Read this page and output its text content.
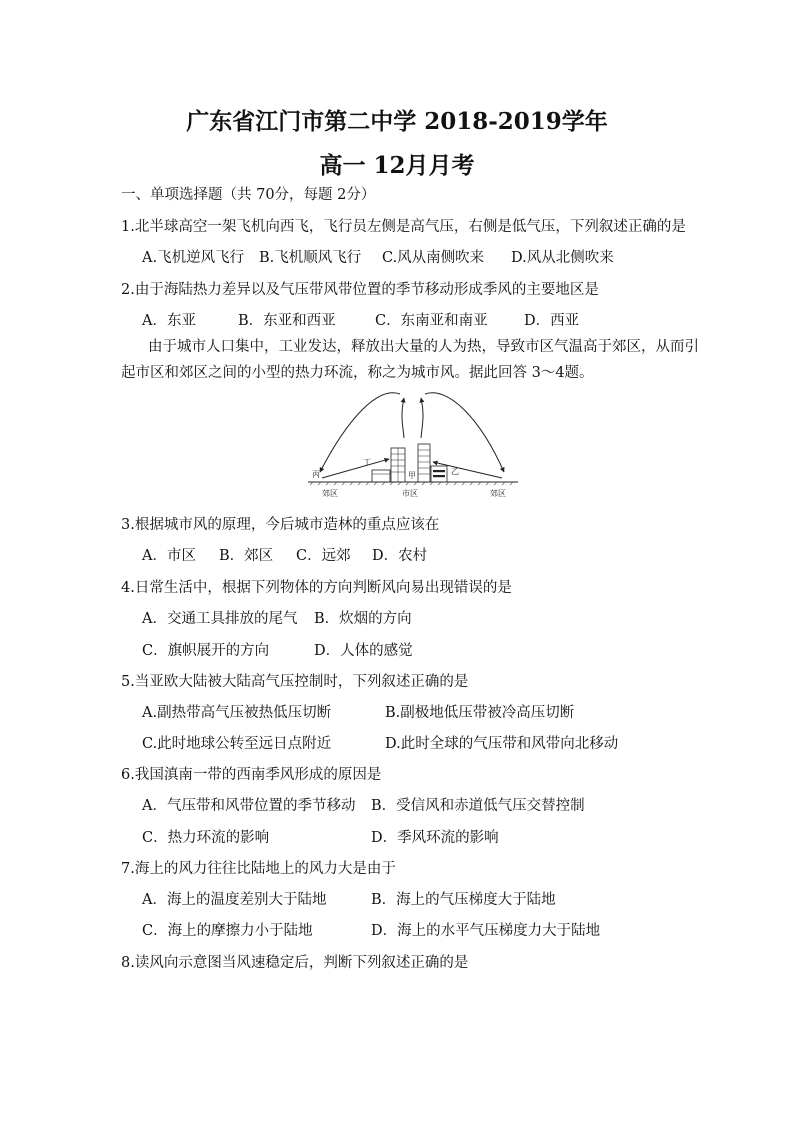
广东省江门市第二中学 2018-2019学年
高一 12月月考
一、单项选择题（共 70分，每题 2分）
1.北半球高空一架飞机向西飞，飞行员左侧是高气压，右侧是低气压，下列叙述正确的是
A.飞机逆风飞行 B.飞机顺风飞行 C.风从南侧吹来 D.风从北侧吹来
2.由于海陆热力差异以及气压带风带位置的季节移动形成季风的主要地区是
A．东亚	B．东亚和西亚	C．东南亚和南亚	D．西亚
由于城市人口集中，工业发达，释放出大量的人为热，导致市区气温高于郊区，从而引
起市区和郊区之间的小型的热力环流，称之为城市风。据此回答 3～4题。
丙
丁
甲	乙
郊区	市区	郊区
3.根据城市风的原理，今后城市造林的重点应该在
A．市区 B．郊区 C．远郊 D．农村
4.日常生活中，根据下列物体的方向判断风向易出现错误的是
A．交通工具排放的尾气 B．炊烟的方向
C．旗帜展开的方向	D．人体的感觉
5.当亚欧大陆被大陆高气压控制时，下列叙述正确的是
A.副热带高气压被热低压切断	B.副极地低压带被冷高压切断
C.此时地球公转至远日点附近	D.此时全球的气压带和风带向北移动
6.我国滇南一带的西南季风形成的原因是
A．气压带和风带位置的季节移动 B．受信风和赤道低气压交替控制
C．热力环流的影响	D．季风环流的影响
7.海上的风力往往比陆地上的风力大是由于
A．海上的温度差别大于陆地	B．海上的气压梯度大于陆地
C．海上的摩擦力小于陆地	D．海上的水平气压梯度力大于陆地
8.读风向示意图当风速稳定后，判断下列叙述正确的是
